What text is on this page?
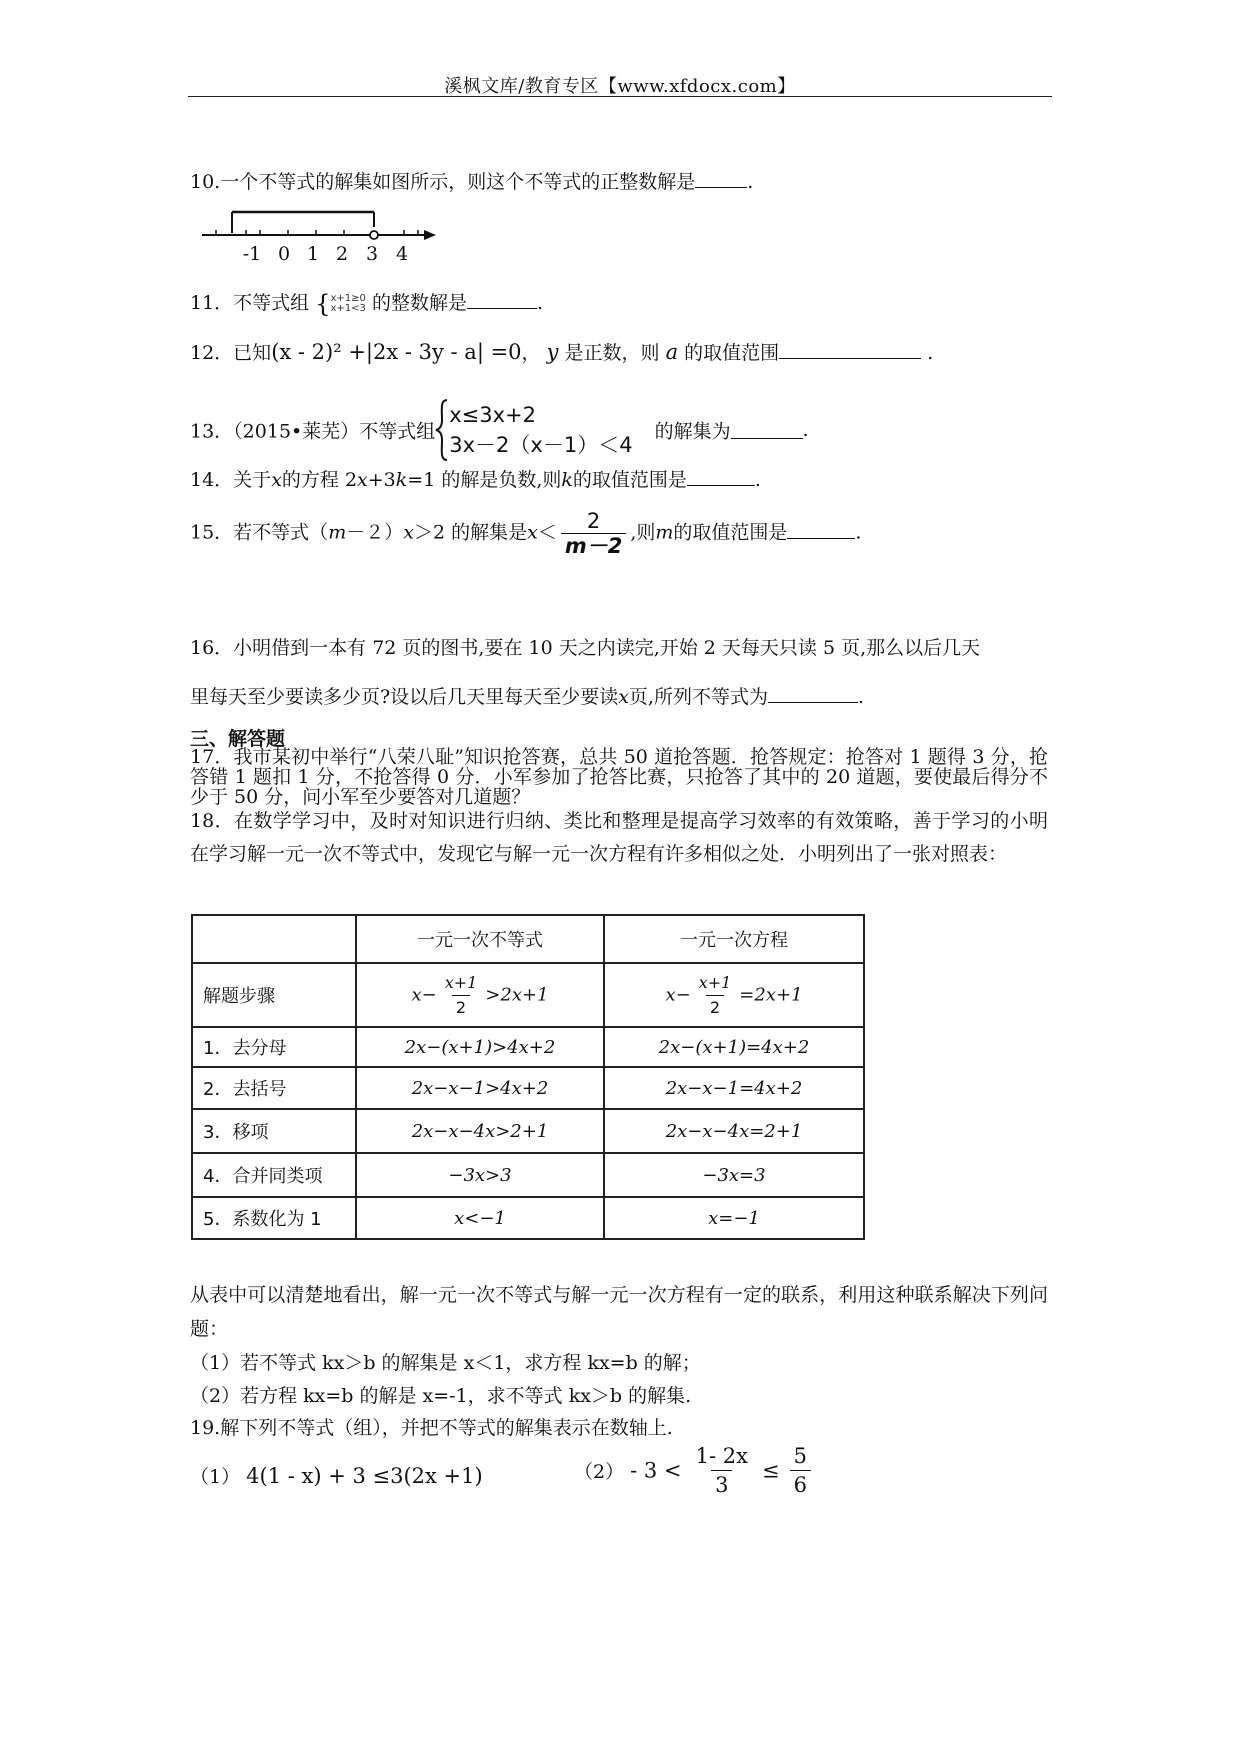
溪枫文库/教育专区【www.xfdocx.com】
10.一个不等式的解集如图所示，则这个不等式的正整数解是	.
-1 0 1 2 3 4
11．不等式组 { x+1≥0
x+1<3 的整数解是	.
12．已知(x - 2)² +|2x - 3y - a| =0， y 是正数，则 a 的取值范围	.
13．（2015•莱芜）不等式组
x≤3x+2
3x－2（x－1）＜4
的解集为	.
14．关于x的方程 2x+3k=1 的解是负数,则k的取值范围是	.
15．若不等式（m－２）x＞2 的解集是$x< \frac{2}{m-2}$ ,则m的取值范围是	.
16．小明借到一本有 72 页的图书,要在 10 天之内读完,开始 2 天每天只读 5 页,那么以后几天
里每天至少要读多少页?设以后几天里每天至少要读x页,所列不等式为	.
三、解答题
17．我市某初中举行“八荣八耻”知识抢答赛，总共 50 道抢答题．抢答规定：抢答对 1 题得 3 分，抢答错 1 题扣 1 分，不抢答得 0 分．小军参加了抢答比赛，只抢答了其中的 20 道题，要使最后得分不少于 50 分，问小军至少要答对几道题？
18．在数学学习中，及时对知识进行归纳、类比和整理是提高学习效率的有效策略，善于学习的小明在学习解一元一次不等式中，发现它与解一元一次方程有许多相似之处．小明列出了一张对照表：
	一元一次不等式	一元一次方程
解题步骤	$x- \frac{x+1}{2} >2x+1$	$x- \frac{x+1}{2} =2x+1$
1．去分母	2x−(x+1)>4x+2	2x−(x+1)=4x+2
2．去括号	2x−x−1>4x+2	2x−x−1=4x+2
3．移项	2x−x−4x>2+1	2x−x−4x=2+1
4．合并同类项	−3x>3	−3x=3
5．系数化为 1	x<−1	x=−1
从表中可以清楚地看出，解一元一次不等式与解一元一次方程有一定的联系，利用这种联系解决下列问题：
（1）若不等式 kx＞b 的解集是 x＜1，求方程 kx=b 的解；
（2）若方程 kx=b 的解是 x=-1，求不等式 kx＞b 的解集.
19.解下列不等式（组），并把不等式的解集表示在数轴上.
（1） 4(1 - x) + 3 ≤3(2x +1)	$(2) - 3 < \frac{1- 2x}{3} \le \frac{5}{6}$
